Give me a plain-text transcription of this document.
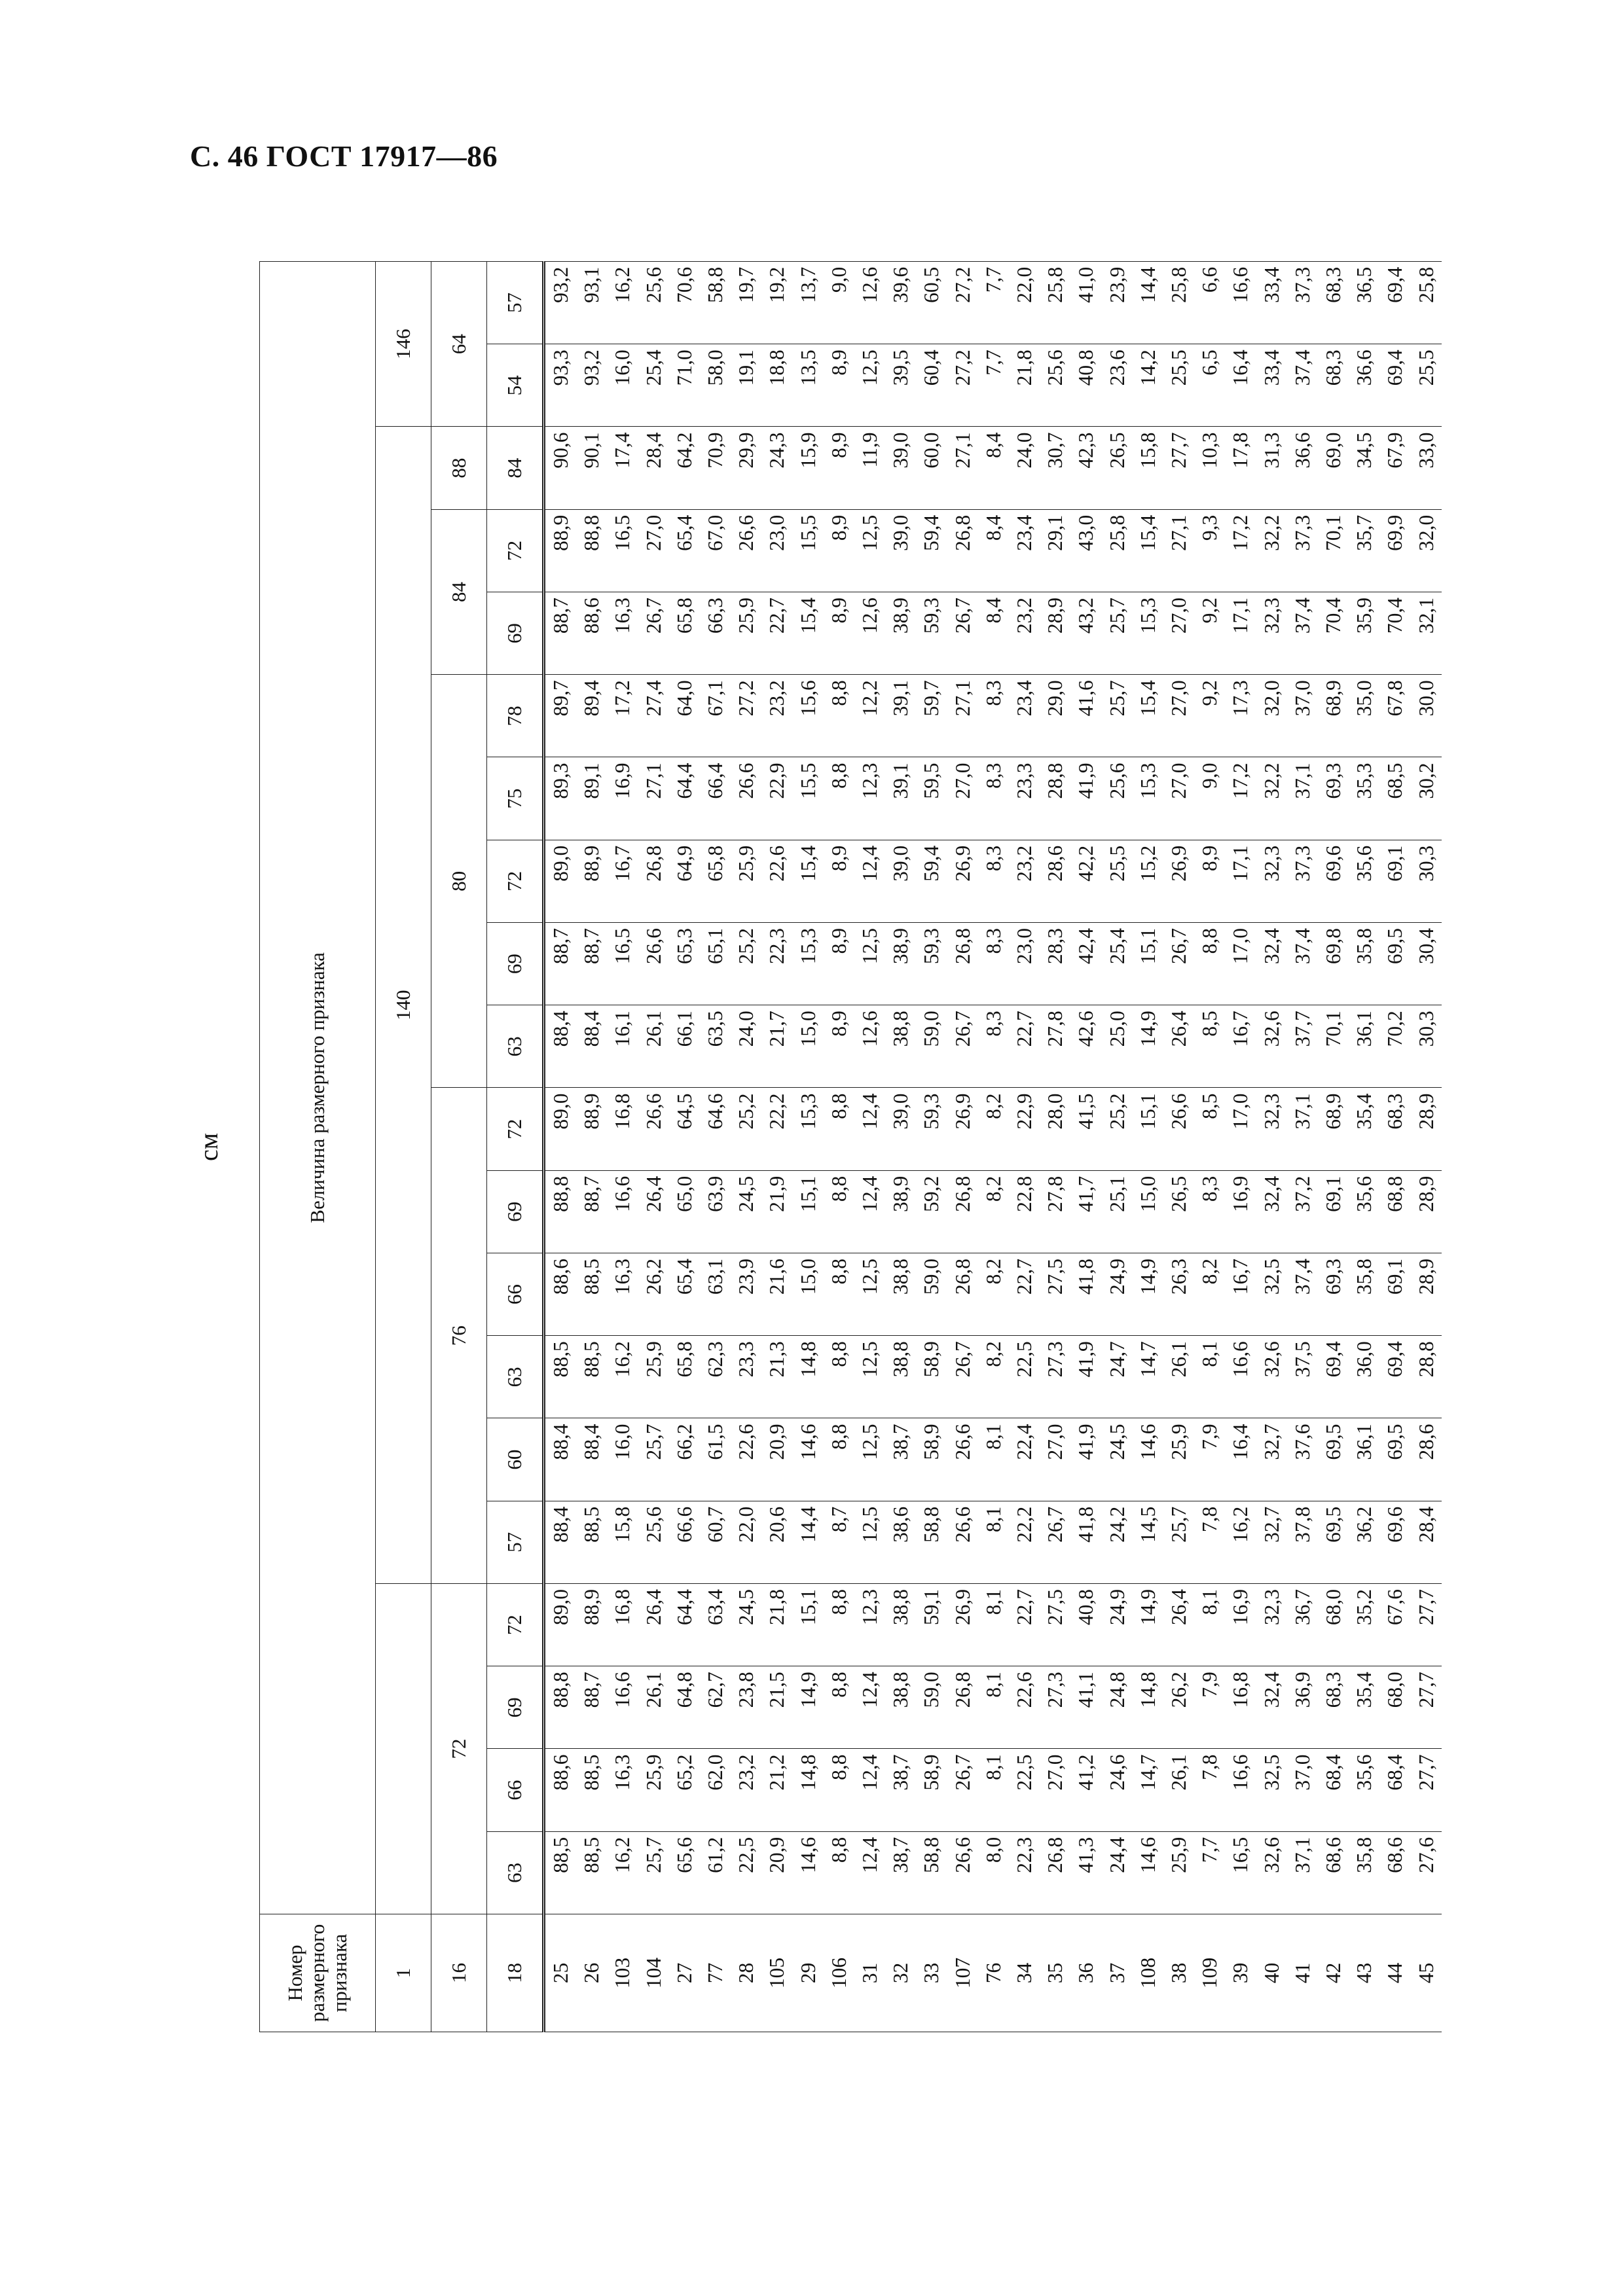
С. 46 ГОСТ 17917—86
см
Номер размерного признака	Величина размерного признака																			
1					140														146	
16	72				76						80					84		88	64	
18	63	66	69	72	57	60	63	66	69	72	63	69	72	75	78	69	72	84	54	57
25	88,5	88,6	88,8	89,0	88,4	88,4	88,5	88,6	88,8	89,0	88,4	88,7	89,0	89,3	89,7	88,7	88,9	90,6	93,3	93,2
26	88,5	88,5	88,7	88,9	88,5	88,4	88,5	88,5	88,7	88,9	88,4	88,7	88,9	89,1	89,4	88,6	88,8	90,1	93,2	93,1
103	16,2	16,3	16,6	16,8	15,8	16,0	16,2	16,3	16,6	16,8	16,1	16,5	16,7	16,9	17,2	16,3	16,5	17,4	16,0	16,2
104	25,7	25,9	26,1	26,4	25,6	25,7	25,9	26,2	26,4	26,6	26,1	26,6	26,8	27,1	27,4	26,7	27,0	28,4	25,4	25,6
27	65,6	65,2	64,8	64,4	66,6	66,2	65,8	65,4	65,0	64,5	66,1	65,3	64,9	64,4	64,0	65,8	65,4	64,2	71,0	70,6
77	61,2	62,0	62,7	63,4	60,7	61,5	62,3	63,1	63,9	64,6	63,5	65,1	65,8	66,4	67,1	66,3	67,0	70,9	58,0	58,8
28	22,5	23,2	23,8	24,5	22,0	22,6	23,3	23,9	24,5	25,2	24,0	25,2	25,9	26,6	27,2	25,9	26,6	29,9	19,1	19,7
105	20,9	21,2	21,5	21,8	20,6	20,9	21,3	21,6	21,9	22,2	21,7	22,3	22,6	22,9	23,2	22,7	23,0	24,3	18,8	19,2
29	14,6	14,8	14,9	15,1	14,4	14,6	14,8	15,0	15,1	15,3	15,0	15,3	15,4	15,5	15,6	15,4	15,5	15,9	13,5	13,7
106	8,8	8,8	8,8	8,8	8,7	8,8	8,8	8,8	8,8	8,8	8,9	8,9	8,9	8,8	8,8	8,9	8,9	8,9	8,9	9,0
31	12,4	12,4	12,4	12,3	12,5	12,5	12,5	12,5	12,4	12,4	12,6	12,5	12,4	12,3	12,2	12,6	12,5	11,9	12,5	12,6
32	38,7	38,7	38,8	38,8	38,6	38,7	38,8	38,8	38,9	39,0	38,8	38,9	39,0	39,1	39,1	38,9	39,0	39,0	39,5	39,6
33	58,8	58,9	59,0	59,1	58,8	58,9	58,9	59,0	59,2	59,3	59,0	59,3	59,4	59,5	59,7	59,3	59,4	60,0	60,4	60,5
107	26,6	26,7	26,8	26,9	26,6	26,6	26,7	26,8	26,8	26,9	26,7	26,8	26,9	27,0	27,1	26,7	26,8	27,1	27,2	27,2
76	8,0	8,1	8,1	8,1	8,1	8,1	8,2	8,2	8,2	8,2	8,3	8,3	8,3	8,3	8,3	8,4	8,4	8,4	7,7	7,7
34	22,3	22,5	22,6	22,7	22,2	22,4	22,5	22,7	22,8	22,9	22,7	23,0	23,2	23,3	23,4	23,2	23,4	24,0	21,8	22,0
35	26,8	27,0	27,3	27,5	26,7	27,0	27,3	27,5	27,8	28,0	27,8	28,3	28,6	28,8	29,0	28,9	29,1	30,7	25,6	25,8
36	41,3	41,2	41,1	40,8	41,8	41,9	41,9	41,8	41,7	41,5	42,6	42,4	42,2	41,9	41,6	43,2	43,0	42,3	40,8	41,0
37	24,4	24,6	24,8	24,9	24,2	24,5	24,7	24,9	25,1	25,2	25,0	25,4	25,5	25,6	25,7	25,7	25,8	26,5	23,6	23,9
108	14,6	14,7	14,8	14,9	14,5	14,6	14,7	14,9	15,0	15,1	14,9	15,1	15,2	15,3	15,4	15,3	15,4	15,8	14,2	14,4
38	25,9	26,1	26,2	26,4	25,7	25,9	26,1	26,3	26,5	26,6	26,4	26,7	26,9	27,0	27,0	27,0	27,1	27,7	25,5	25,8
109	7,7	7,8	7,9	8,1	7,8	7,9	8,1	8,2	8,3	8,5	8,5	8,8	8,9	9,0	9,2	9,2	9,3	10,3	6,5	6,6
39	16,5	16,6	16,8	16,9	16,2	16,4	16,6	16,7	16,9	17,0	16,7	17,0	17,1	17,2	17,3	17,1	17,2	17,8	16,4	16,6
40	32,6	32,5	32,4	32,3	32,7	32,7	32,6	32,5	32,4	32,3	32,6	32,4	32,3	32,2	32,0	32,3	32,2	31,3	33,4	33,4
41	37,1	37,0	36,9	36,7	37,8	37,6	37,5	37,4	37,2	37,1	37,7	37,4	37,3	37,1	37,0	37,4	37,3	36,6	37,4	37,3
42	68,6	68,4	68,3	68,0	69,5	69,5	69,4	69,3	69,1	68,9	70,1	69,8	69,6	69,3	68,9	70,4	70,1	69,0	68,3	68,3
43	35,8	35,6	35,4	35,2	36,2	36,1	36,0	35,8	35,6	35,4	36,1	35,8	35,6	35,3	35,0	35,9	35,7	34,5	36,6	36,5
44	68,6	68,4	68,0	67,6	69,6	69,5	69,4	69,1	68,8	68,3	70,2	69,5	69,1	68,5	67,8	70,4	69,9	67,9	69,4	69,4
45	27,6	27,7	27,7	27,7	28,4	28,6	28,8	28,9	28,9	28,9	30,3	30,4	30,3	30,2	30,0	32,1	32,0	33,0	25,5	25,8
